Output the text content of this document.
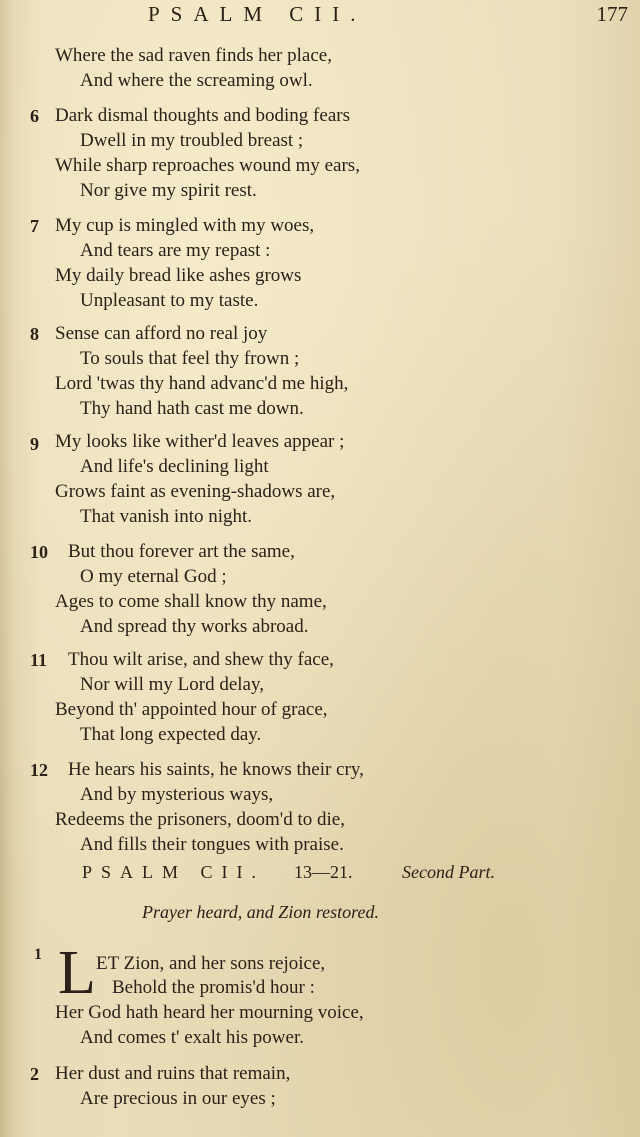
PSALM CII.	177
Where the sad raven finds her place,
And where the screaming owl.
6 Dark dismal thoughts and boding fears
Dwell in my troubled breast ;
While sharp reproaches wound my ears,
Nor give my spirit rest.
7 My cup is mingled with my woes,
And tears are my repast :
My daily bread like ashes grows
Unpleasant to my taste.
8 Sense can afford no real joy
To souls that feel thy frown ;
Lord 'twas thy hand advanc'd me high,
Thy hand hath cast me down.
9 My looks like wither'd leaves appear ;
And life's declining light
Grows faint as evening-shadows are,
That vanish into night.
10 But thou forever art the same,
O my eternal God ;
Ages to come shall know thy name,
And spread thy works abroad.
11 Thou wilt arise, and shew thy face,
Nor will my Lord delay,
Beyond th' appointed hour of grace,
That long expected day.
12 He hears his saints, he knows their cry,
And by mysterious ways,
Redeems the prisoners, doom'd to die,
And fills their tongues with praise.
PSALM CII. 13—21.	Second Part.
Prayer heard, and Zion restored.
1 L ET Zion, and her sons rejoice,
Behold the promis'd hour :
Her God hath heard her mourning voice,
And comes t' exalt his power.
2 Her dust and ruins that remain,
Are precious in our eyes ;
